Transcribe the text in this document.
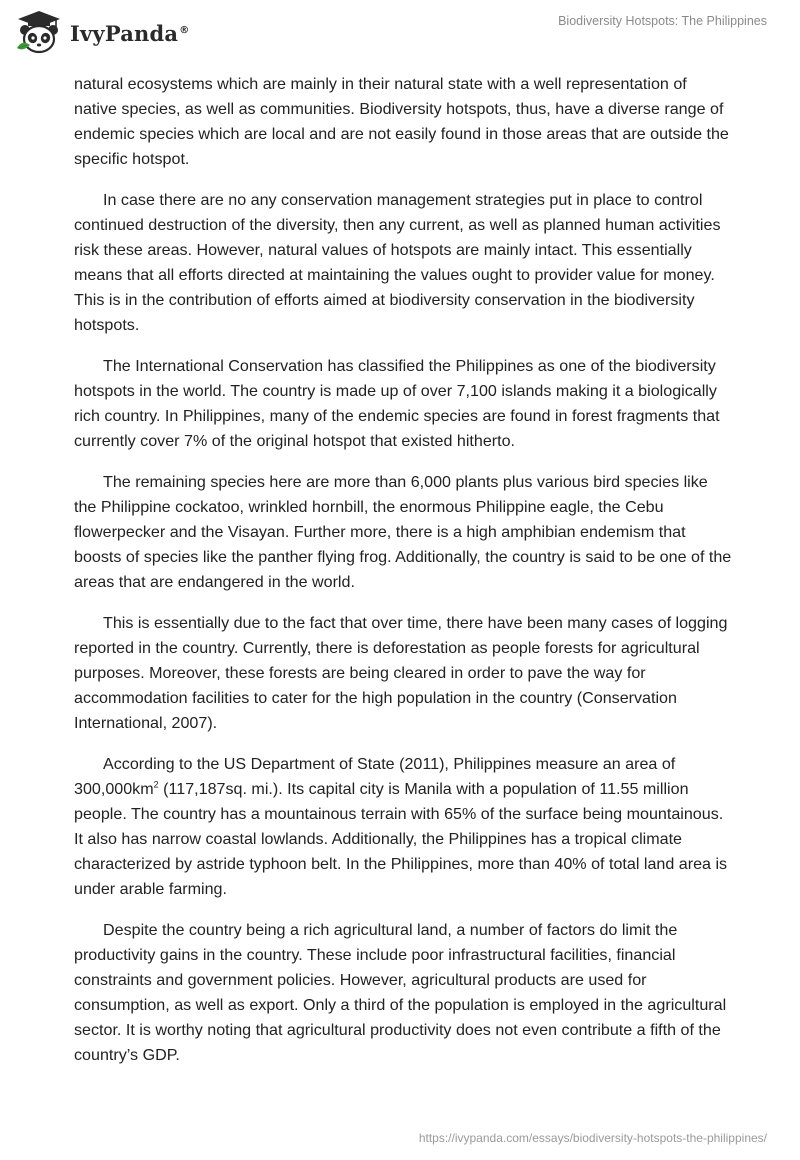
IvyPanda®
Biodiversity Hotspots: The Philippines

natural ecosystems which are mainly in their natural state with a well representation of native species, as well as communities. Biodiversity hotspots, thus, have a diverse range of endemic species which are local and are not easily found in those areas that are outside the specific hotspot.

In case there are no any conservation management strategies put in place to control continued destruction of the diversity, then any current, as well as planned human activities risk these areas. However, natural values of hotspots are mainly intact. This essentially means that all efforts directed at maintaining the values ought to provider value for money. This is in the contribution of efforts aimed at biodiversity conservation in the biodiversity hotspots.

The International Conservation has classified the Philippines as one of the biodiversity hotspots in the world. The country is made up of over 7,100 islands making it a biologically rich country. In Philippines, many of the endemic species are found in forest fragments that currently cover 7% of the original hotspot that existed hitherto.

The remaining species here are more than 6,000 plants plus various bird species like the Philippine cockatoo, wrinkled hornbill, the enormous Philippine eagle, the Cebu flowerpecker and the Visayan. Further more, there is a high amphibian endemism that boosts of species like the panther flying frog. Additionally, the country is said to be one of the areas that are endangered in the world.

This is essentially due to the fact that over time, there have been many cases of logging reported in the country. Currently, there is deforestation as people forests for agricultural purposes. Moreover, these forests are being cleared in order to pave the way for accommodation facilities to cater for the high population in the country (Conservation International, 2007).

According to the US Department of State (2011), Philippines measure an area of $300,000km^2$ (117,187sq. mi.). Its capital city is Manila with a population of 11.55 million people. The country has a mountainous terrain with 65% of the surface being mountainous. It also has narrow coastal lowlands. Additionally, the Philippines has a tropical climate characterized by astride typhoon belt. In the Philippines, more than 40% of total land area is under arable farming.

Despite the country being a rich agricultural land, a number of factors do limit the productivity gains in the country. These include poor infrastructural facilities, financial constraints and government policies. However, agricultural products are used for consumption, as well as export. Only a third of the population is employed in the agricultural sector. It is worthy noting that agricultural productivity does not even contribute a fifth of the country’s GDP.

https://ivypanda.com/essays/biodiversity-hotspots-the-philippines/
